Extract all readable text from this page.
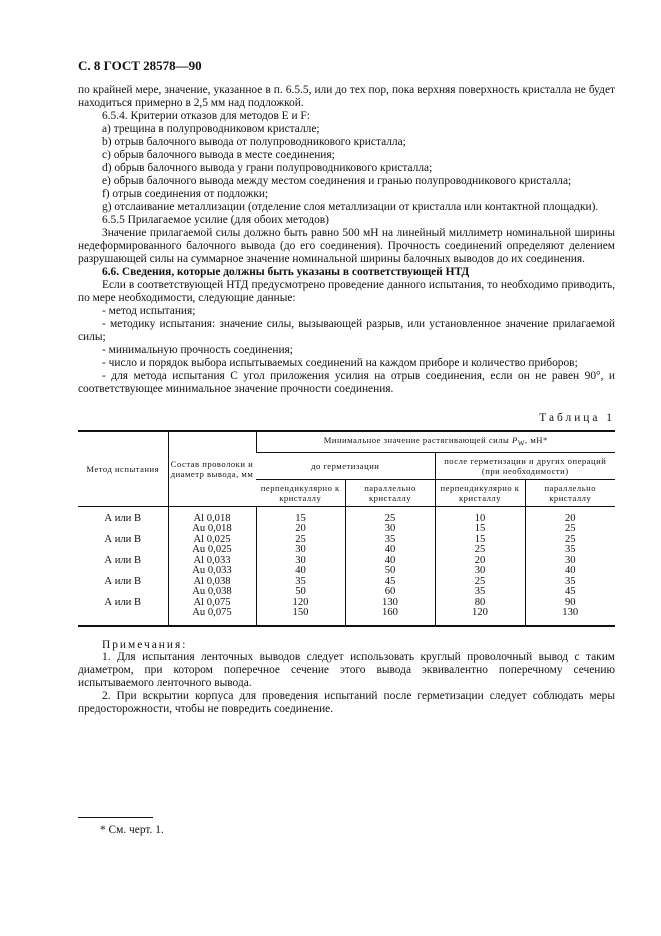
С. 8 ГОСТ 28578—90

по крайней мере, значение, указанное в п. 6.5.5, или до тех пор, пока верхняя поверхность кристалла не будет находиться примерно в 2,5 мм над подложкой.

6.5.4. Критерии отказов для методов Е и F:

а) трещина в полупроводниковом кристалле;

b) отрыв балочного вывода от полупроводникового кристалла;

с) обрыв балочного вывода в месте соединения;

d) обрыв балочного вывода у грани полупроводникового кристалла;

е) обрыв балочного вывода между местом соединения и гранью полупроводникового кристалла;

f) отрыв соединения от подложки;

g) отслаивание металлизации (отделение слоя металлизации от кристалла или контактной площадки).

6.5.5 Прилагаемое усилие (для обоих методов)

Значение прилагаемой силы должно быть равно 500 мН на линейный миллиметр номинальной ширины недеформированного балочного вывода (до его соединения). Прочность соединений определяют делением разрушающей силы на суммарное значение номинальной ширины балочных выводов до их соединения.

6.6. Сведения, которые должны быть указаны в соответствующей НТД

Если в соответствующей НТД предусмотрено проведение данного испытания, то необходимо приводить, по мере необходимости, следующие данные:

- метод испытания;

- методику испытания: значение силы, вызывающей разрыв, или установленное значение прилагаемой силы;

- минимальную прочность соединения;

- число и порядок выбора испытываемых соединений на каждом приборе и количество приборов;

- для метода испытания С угол приложения усилия на отрыв соединения, если он не равен 90°, и соответствующее минимальное значение прочности соединения.

Таблица 1
Метод испытания	Состав проволоки и диаметр вывода, мм	Минимальное значение растягивающей силы $P_W$, мН*			
		до герметизации		после герметизации и других операций (при необходимости)	
		перпендикулярно к кристаллу	параллельно кристаллу	перпендикулярно к кристаллу	параллельно кристаллу
А или В	Al 0,018	15	25	10	20
	Au 0,018	20	30	15	25
А или В	Al 0,025	25	35	15	25
	Au 0,025	30	40	25	35
А или В	Al 0,033	30	40	20	30
	Au 0,033	40	50	30	40
А или В	Al 0,038	35	45	25	35
	Au 0,038	50	60	35	45
А или В	Al 0,075	120	130	80	90
	Au 0,075	150	160	120	130
Примечания:

1. Для испытания ленточных выводов следует использовать круглый проволочный вывод с таким диаметром, при котором поперечное сечение этого вывода эквивалентно поперечному сечению испытываемого ленточного вывода.

2. При вскрытии корпуса для проведения испытаний после герметизации следует соблюдать меры предосторожности, чтобы не повредить соединение.

* См. черт. 1.
